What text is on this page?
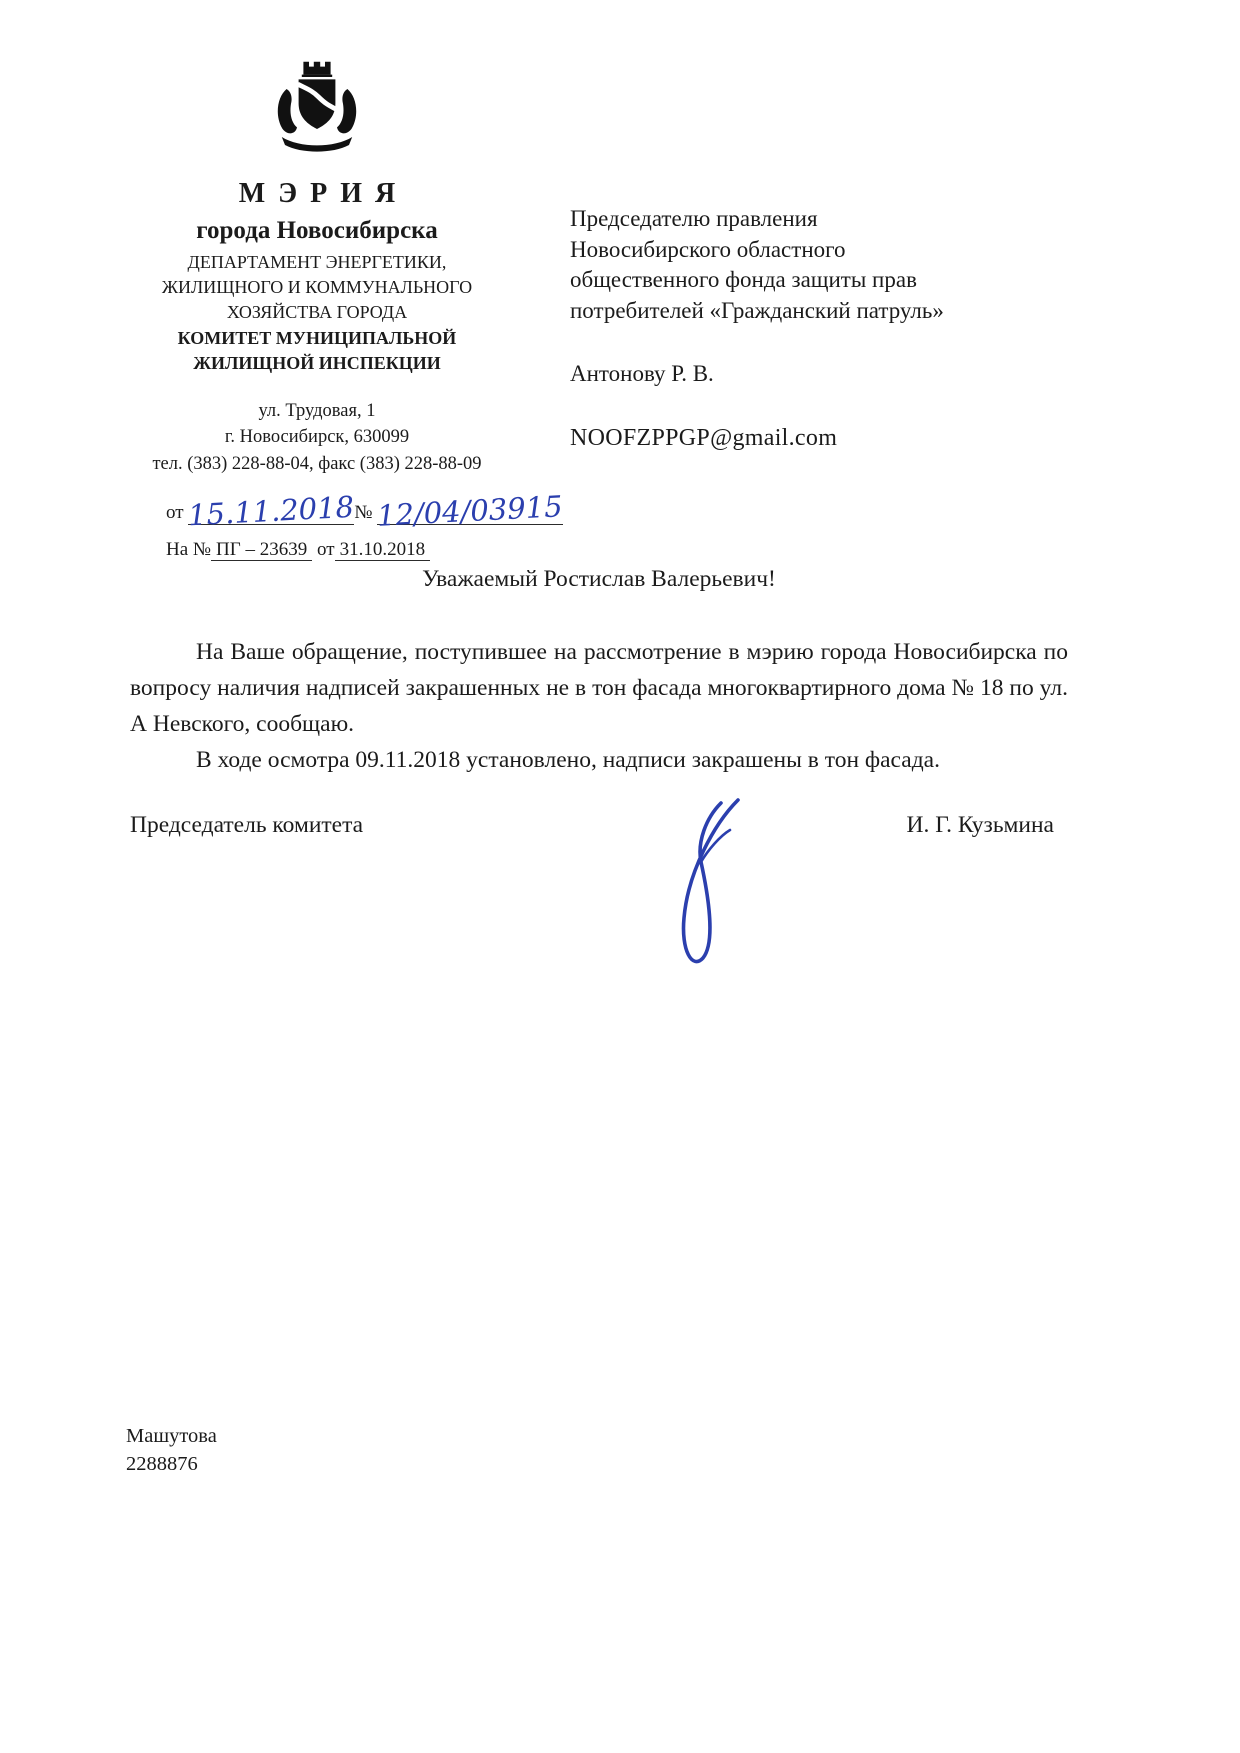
МЭРИЯ
города Новосибирска
ДЕПАРТАМЕНТ ЭНЕРГЕТИКИ,
ЖИЛИЩНОГО И КОММУНАЛЬНОГО
ХОЗЯЙСТВА ГОРОДА
КОМИТЕТ МУНИЦИПАЛЬНОЙ
ЖИЛИЩНОЙ ИНСПЕКЦИИ
ул. Трудовая, 1
г. Новосибирск, 630099
тел. (383) 228-88-04, факс (383) 228-88-09
от 15.11.2018№ 12/04/03915
На № ПГ – 23639 от 31.10.2018
Председателю правления
Новосибирского областного
общественного фонда защиты прав
потребителей «Гражданский патруль»
Антонову Р. В.
NOOFZPPGP@gmail.com
Уважаемый Ростислав Валерьевич!

На Ваше обращение, поступившее на рассмотрение в мэрию города Новосибирска по вопросу наличия надписей закрашенных не в тон фасада многоквартирного дома № 18 по ул. А Невского, сообщаю.

В ходе осмотра 09.11.2018 установлено, надписи закрашены в тон фасада.

Председатель комитета	И. Г. Кузьмина
Машутова
2288876
